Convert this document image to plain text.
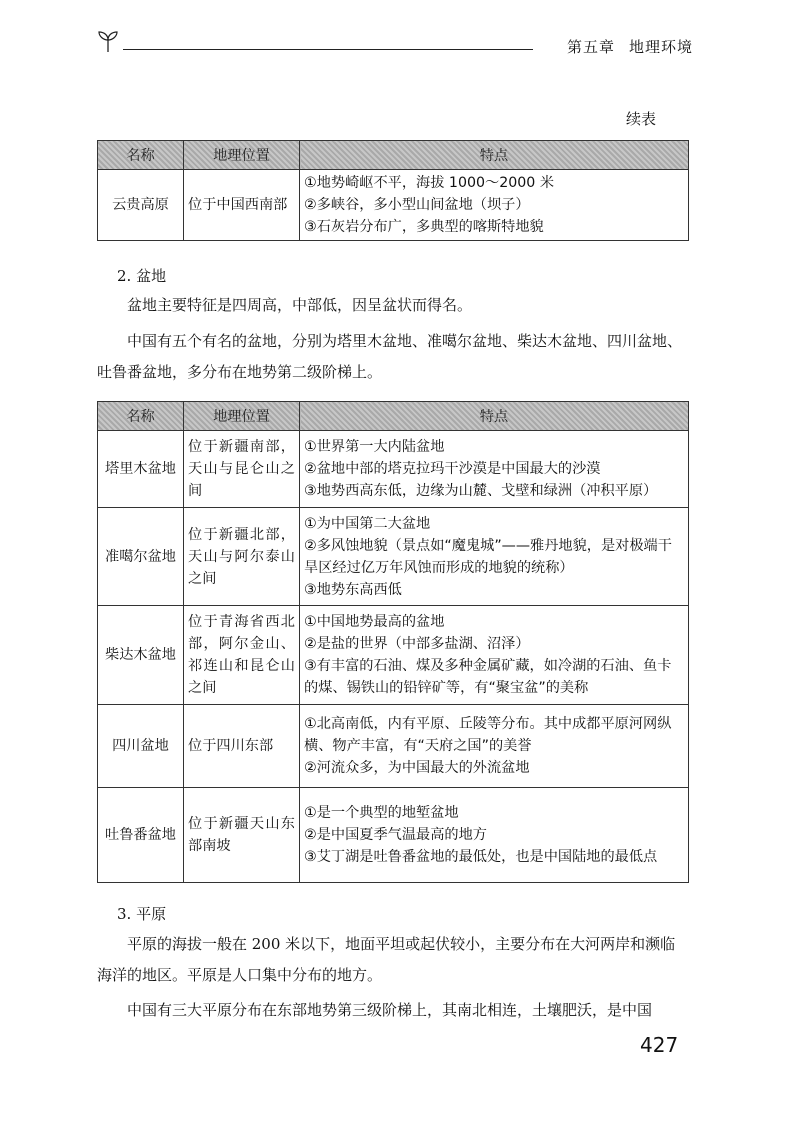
第五章 地理环境
续表
名称	地理位置	特点
云贵高原	位于中国西南部	①地势崎岖不平，海拔 1000～2000 米

②多峡谷，多小型山间盆地（坝子）

③石灰岩分布广，多典型的喀斯特地貌

2. 盆地

盆地主要特征是四周高，中部低，因呈盆状而得名。

中国有五个有名的盆地，分别为塔里木盆地、准噶尔盆地、柴达木盆地、四川盆地、吐鲁番盆地，多分布在地势第二级阶梯上。

名称	地理位置	特点
塔里木盆地	位于新疆南部，天山与昆仑山之间	①世界第一大内陆盆地

②盆地中部的塔克拉玛干沙漠是中国最大的沙漠

③地势西高东低，边缘为山麓、戈壁和绿洲（冲积平原）

准噶尔盆地	位于新疆北部，天山与阿尔泰山之间	①为中国第二大盆地

②多风蚀地貌（景点如“魔鬼城”——雅丹地貌，是对极端干旱区经过亿万年风蚀而形成的地貌的统称）

③地势东高西低

柴达木盆地	位于青海省西北部，阿尔金山、祁连山和昆仑山之间	①中国地势最高的盆地

②是盐的世界（中部多盐湖、沼泽）

③有丰富的石油、煤及多种金属矿藏，如冷湖的石油、鱼卡的煤、锡铁山的铅锌矿等，有“聚宝盆”的美称

四川盆地	位于四川东部	①北高南低，内有平原、丘陵等分布。其中成都平原河网纵横、物产丰富，有“天府之国”的美誉

②河流众多，为中国最大的外流盆地

吐鲁番盆地	位于新疆天山东部南坡	①是一个典型的地堑盆地

②是中国夏季气温最高的地方

③艾丁湖是吐鲁番盆地的最低处，也是中国陆地的最低点

3. 平原

平原的海拔一般在 200 米以下，地面平坦或起伏较小，主要分布在大河两岸和濒临海洋的地区。平原是人口集中分布的地方。

中国有三大平原分布在东部地势第三级阶梯上，其南北相连，土壤肥沃，是中国

427
